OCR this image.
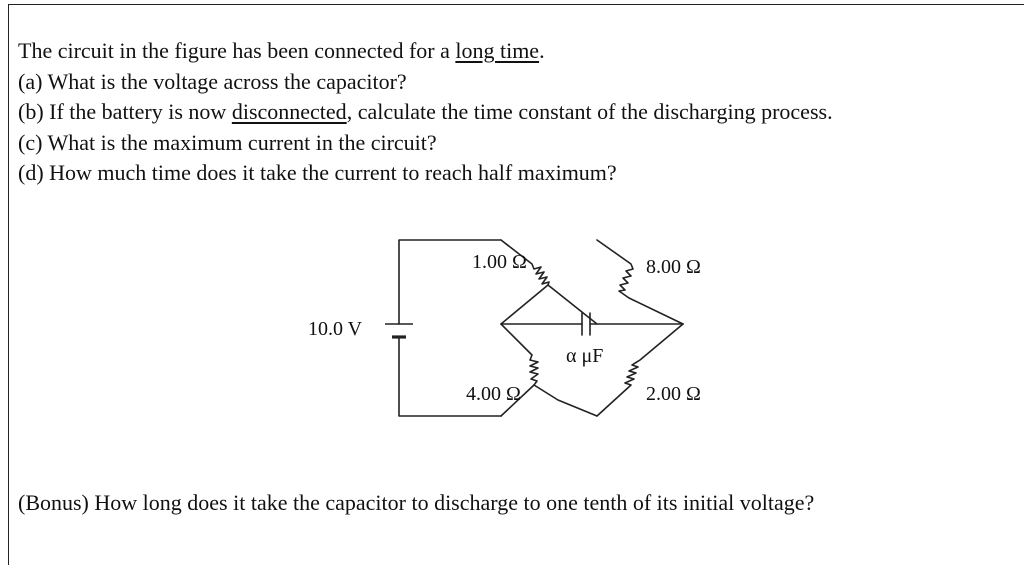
The circuit in the figure has been connected for a long time.
(a) What is the voltage across the capacitor?
(b) If the battery is now disconnected, calculate the time constant of the discharging process.
(c) What is the maximum current in the circuit?
(d) How much time does it take the current to reach half maximum?
10.0 V
1.00 Ω	8.00 Ω
4.00 Ω	2.00 Ω
α μF
(Bonus) How long does it take the capacitor to discharge to one tenth of its initial voltage?
